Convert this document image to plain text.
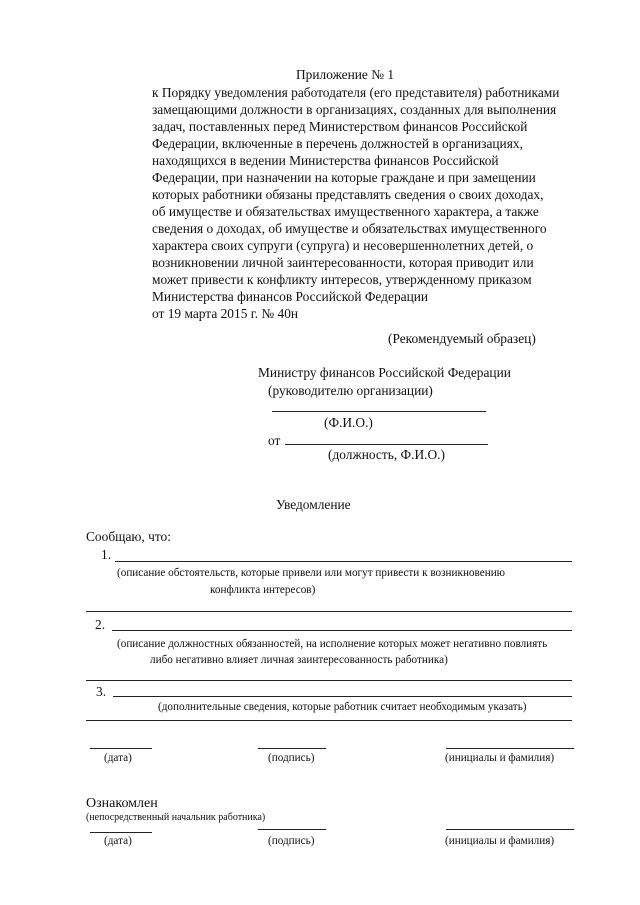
Приложение № 1
к Порядку уведомления работодателя (его представителя) работниками
замещающими должности в организациях, созданных для выполнения
задач, поставленных перед Министерством финансов Российской
Федерации, включенные в перечень должностей в организациях,
находящихся в ведении Министерства финансов Российской
Федерации, при назначении на которые граждане и при замещении
которых работники обязаны представлять сведения о своих доходах,
об имуществе и обязательствах имущественного характера, а также
сведения о доходах, об имуществе и обязательствах имущественного
характера своих супруги (супруга) и несовершеннолетних детей, о
возникновении личной заинтересованности, которая приводит или
может привести к конфликту интересов, утвержденному приказом
Министерства финансов Российской Федерации
от 19 марта 2015 г. № 40н
(Рекомендуемый образец)
Министру финансов Российской Федерации
(руководителю организации)
(Ф.И.О.)
от
(должность, Ф.И.О.)
Уведомление
Сообщаю, что:
1.
(описание обстоятельств, которые привели или могут привести к возникновению
конфликта интересов)
2.
(описание должностных обязанностей, на исполнение которых может негативно повлиять
либо негативно влияет личная заинтересованность работника)
3.
(дополнительные сведения, которые работник считает необходимым указать)
(дата)	(подпись)	(инициалы и фамилия)
Ознакомлен
(непосредственный начальник работника)
(дата)	(подпись)	(инициалы и фамилия)
